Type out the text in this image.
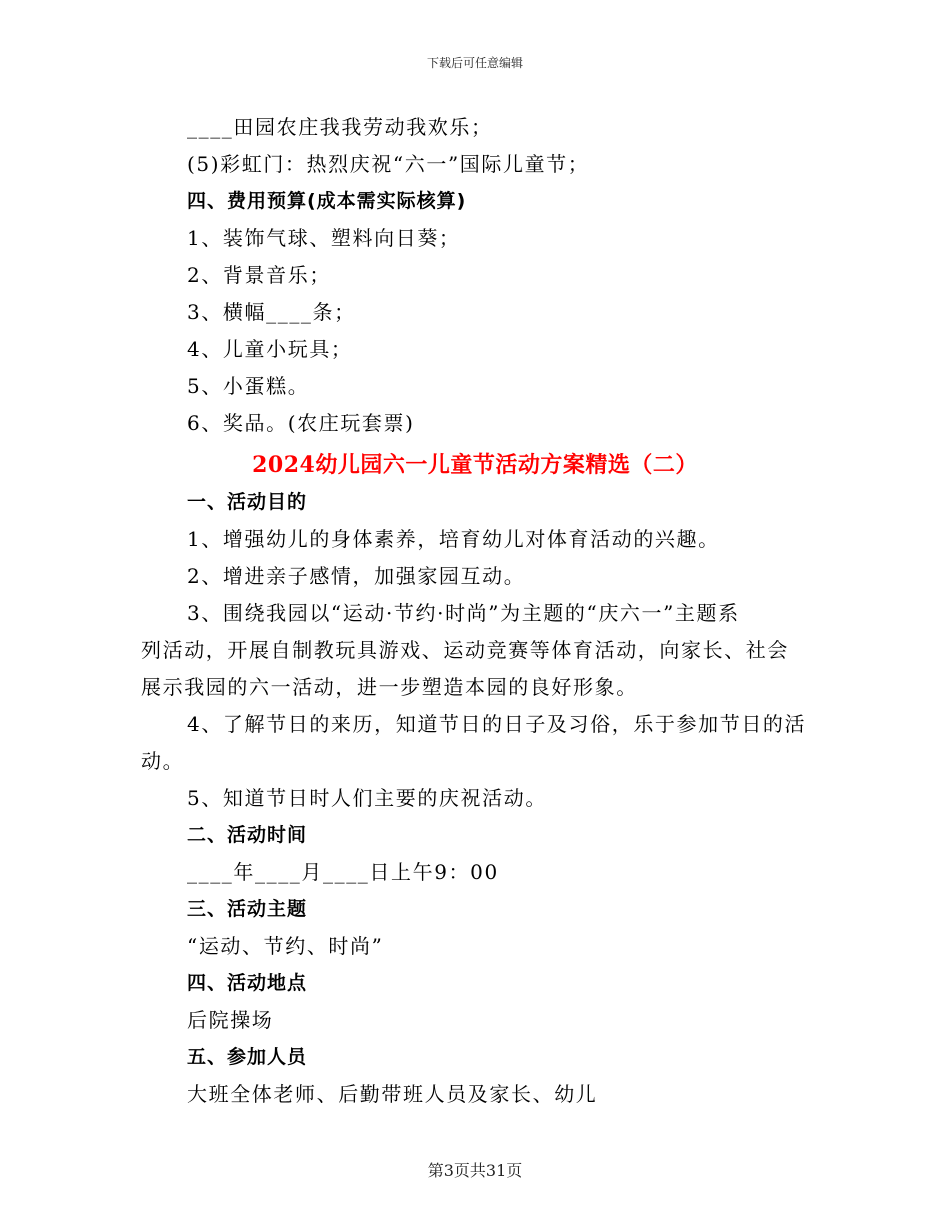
下载后可任意编辑
____田园农庄我我劳动我欢乐；
(5)彩虹门：热烈庆祝“六一”国际儿童节；
四、费用预算(成本需实际核算)
1、装饰气球、塑料向日葵；
2、背景音乐；
3、横幅____条；
4、儿童小玩具；
5、小蛋糕。
6、奖品。(农庄玩套票)
2024幼儿园六一儿童节活动方案精选（二）
一、活动目的
1、增强幼儿的身体素养，培育幼儿对体育活动的兴趣。
2、增进亲子感情，加强家园互动。
3、围绕我园以“运动·节约·时尚”为主题的“庆六一”主题系
列活动，开展自制教玩具游戏、运动竞赛等体育活动，向家长、社会
展示我园的六一活动，进一步塑造本园的良好形象。
4、了解节日的来历，知道节日的日子及习俗，乐于参加节日的活
动。
5、知道节日时人们主要的庆祝活动。
二、活动时间
____年____月____日上午9：00
三、活动主题
“运动、节约、时尚”
四、活动地点
后院操场
五、参加人员
大班全体老师、后勤带班人员及家长、幼儿
第3页共31页
